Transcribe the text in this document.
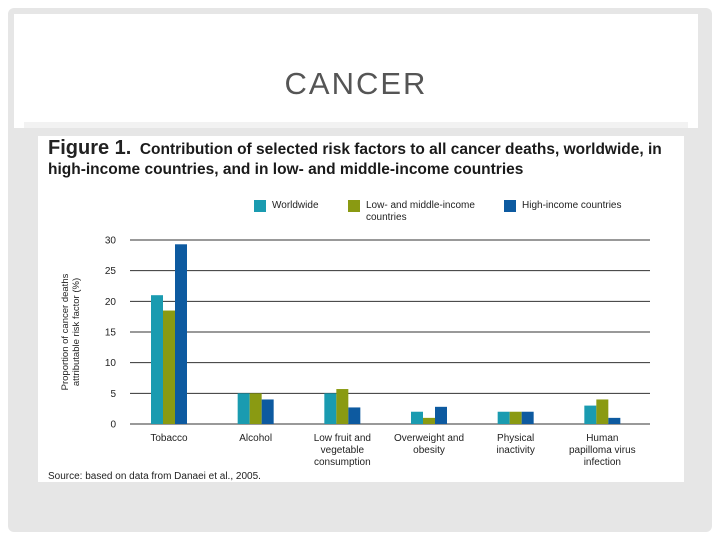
CANCER
Figure 1. Contribution of selected risk factors to all cancer deaths, worldwide, in high-income countries, and in low- and middle-income countries
Worldwide	Low- and middle-income countries
High-income countries
0
5
10
15
20
25
30
Proportion of cancer deathsattributable risk factor (%)
Tobacco	Alcohol	Low fruit and vegetable consumption
Overweight and obesity
Physical inactivity
Human papilloma virus infection
Source: based on data from Danaei et al., 2005.
